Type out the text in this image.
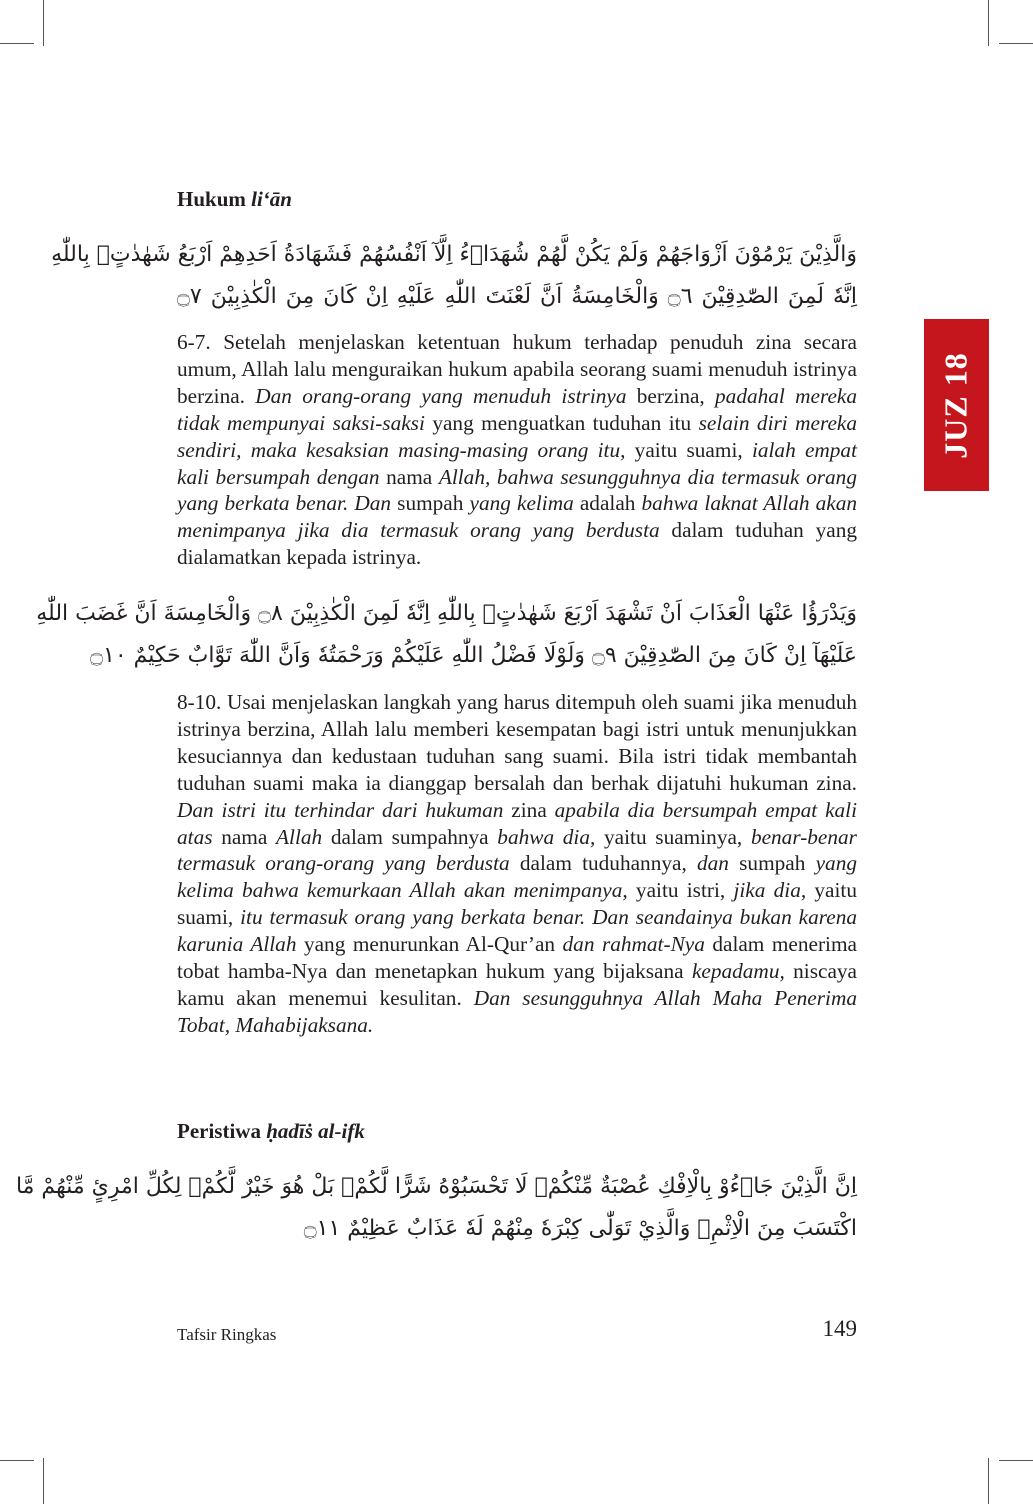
Hukum li‘ān
وَالَّذِيْنَ يَرْمُوْنَ اَزْوَاجَهُمْ وَلَمْ يَكُنْ لَّهُمْ شُهَدَاۤءُ اِلَّآ اَنْفُسُهُمْ فَشَهَادَةُ اَحَدِهِمْ اَرْبَعُ شَهٰدٰتٍۢ بِاللّٰهِ
اِنَّهٗ لَمِنَ الصّٰدِقِيْنَ ۝٦ وَالْخَامِسَةُ اَنَّ لَعْنَتَ اللّٰهِ عَلَيْهِ اِنْ كَانَ مِنَ الْكٰذِبِيْنَ ۝٧

6-7. Setelah menjelaskan ketentuan hukum terhadap penuduh zina secara umum, Allah lalu menguraikan hukum apabila seorang suami menuduh istrinya berzina. Dan orang-orang yang menuduh istrinya berzina, padahal mereka tidak mempunyai saksi-saksi yang menguatkan tuduhan itu selain diri mereka sendiri, maka kesaksian masing-masing orang itu, yaitu suami, ialah empat kali bersumpah dengan nama Allah, bahwa sesungguhnya dia termasuk orang yang berkata benar. Dan sumpah yang kelima adalah bahwa laknat Allah akan menimpanya jika dia termasuk orang yang berdusta dalam tuduhan yang dialamatkan kepada istrinya.

وَيَدْرَؤُا عَنْهَا الْعَذَابَ اَنْ تَشْهَدَ اَرْبَعَ شَهٰدٰتٍۢ بِاللّٰهِ اِنَّهٗ لَمِنَ الْكٰذِبِيْنَ ۝٨ وَالْخَامِسَةَ اَنَّ غَضَبَ اللّٰهِ
عَلَيْهَآ اِنْ كَانَ مِنَ الصّٰدِقِيْنَ ۝٩ وَلَوْلَا فَضْلُ اللّٰهِ عَلَيْكُمْ وَرَحْمَتُهٗ وَاَنَّ اللّٰهَ تَوَّابٌ حَكِيْمٌ ۝١٠

8-10. Usai menjelaskan langkah yang harus ditempuh oleh suami jika menuduh istrinya berzina, Allah lalu memberi kesempatan bagi istri untuk menunjukkan kesuciannya dan kedustaan tuduhan sang suami. Bila istri tidak membantah tuduhan suami maka ia dianggap bersalah dan berhak dijatuhi hukuman zina. Dan istri itu terhindar dari hukuman zina apabila dia bersumpah empat kali atas nama Allah dalam sumpahnya bahwa dia, yaitu suaminya, benar-benar termasuk orang-orang yang berdusta dalam tuduhannya, dan sumpah yang kelima bahwa kemurkaan Allah akan menimpanya, yaitu istri, jika dia, yaitu suami, itu termasuk orang yang berkata benar. Dan seandainya bukan karena karunia Allah yang menurunkan Al-Qur’an dan rahmat-Nya dalam menerima tobat hamba-Nya dan menetapkan hukum yang bijaksana kepadamu, niscaya kamu akan menemui kesulitan. Dan sesungguhnya Allah Maha Penerima Tobat, Mahabijaksana.

Peristiwa ḥadīṡ al-ifk
اِنَّ الَّذِيْنَ جَاۤءُوْ بِالْاِفْكِ عُصْبَةٌ مِّنْكُمْۗ لَا تَحْسَبُوْهُ شَرًّا لَّكُمْۗ بَلْ هُوَ خَيْرٌ لَّكُمْۗ لِكُلِّ امْرِئٍ مِّنْهُمْ مَّا
اكْتَسَبَ مِنَ الْاِثْمِۚ وَالَّذِيْ تَوَلّٰى كِبْرَهٗ مِنْهُمْ لَهٗ عَذَابٌ عَظِيْمٌ ۝١١
JUZ 18
Tafsir Ringkas	149
